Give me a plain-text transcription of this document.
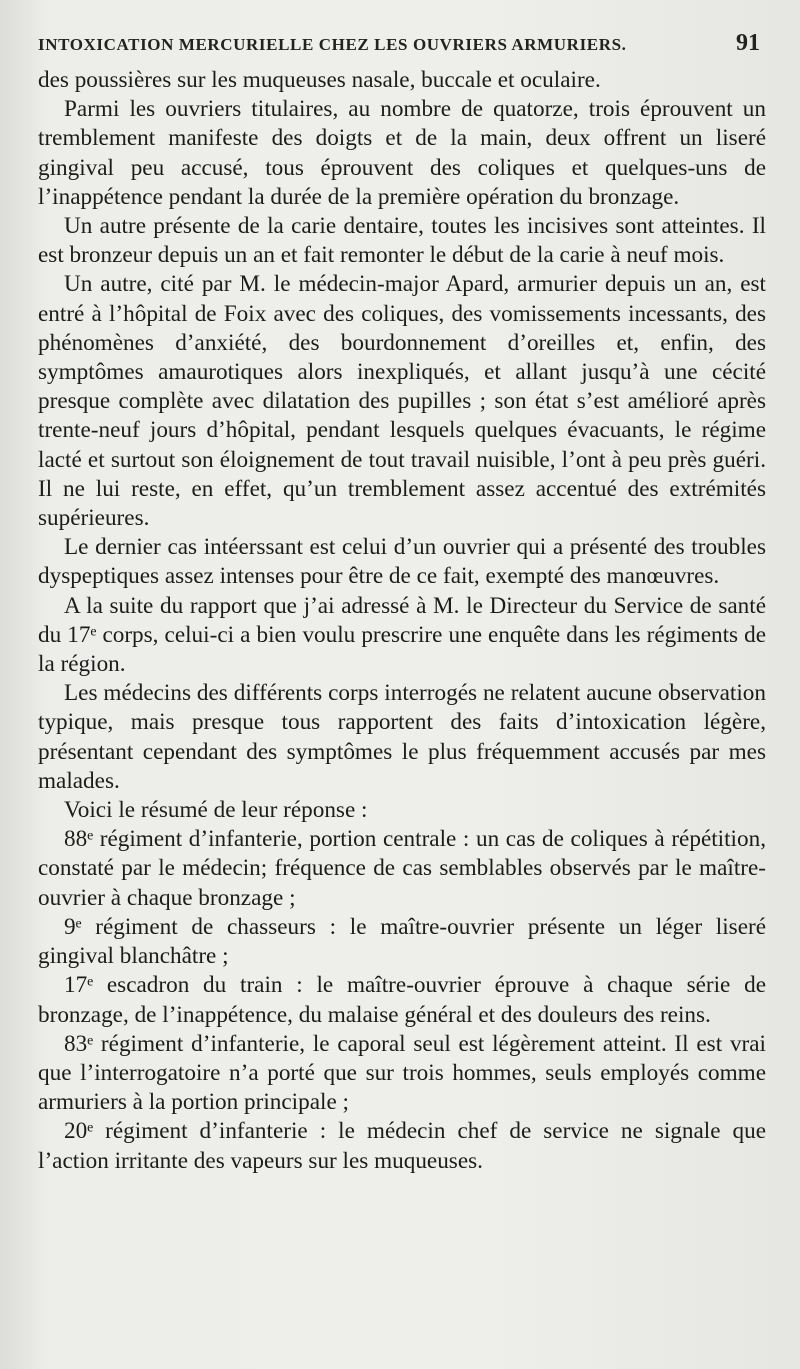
INTOXICATION MERCURIELLE CHEZ LES OUVRIERS ARMURIERS.	91

des poussières sur les muqueuses nasale, buccale et oculaire.

Parmi les ouvriers titulaires, au nombre de quatorze, trois éprouvent un tremblement manifeste des doigts et de la main, deux offrent un liseré gingival peu accusé, tous éprouvent des coliques et quelques-uns de l’inappétence pendant la durée de la première opération du bronzage.

Un autre présente de la carie dentaire, toutes les incisives sont atteintes. Il est bronzeur depuis un an et fait remonter le début de la carie à neuf mois.

Un autre, cité par M. le médecin-major Apard, armurier depuis un an, est entré à l’hôpital de Foix avec des coliques, des vomissements incessants, des phénomènes d’anxiété, des bourdonnement d’oreilles et, enfin, des symptômes amaurotiques alors inexpliqués, et allant jusqu’à une cécité presque complète avec dilatation des pupilles ; son état s’est amélioré après trente-neuf jours d’hôpital, pendant lesquels quelques évacuants, le régime lacté et surtout son éloignement de tout travail nuisible, l’ont à peu près guéri. Il ne lui reste, en effet, qu’un tremblement assez accentué des extrémités supérieures.

Le dernier cas intéerssant est celui d’un ouvrier qui a présenté des troubles dyspeptiques assez intenses pour être de ce fait, exempté des manœuvres.

A la suite du rapport que j’ai adressé à M. le Directeur du Service de santé du 17ᵉ corps, celui-ci a bien voulu prescrire une enquête dans les régiments de la région.

Les médecins des différents corps interrogés ne relatent aucune observation typique, mais presque tous rapportent des faits d’intoxication légère, présentant cependant des symptômes le plus fréquemment accusés par mes malades.

Voici le résumé de leur réponse :

88ᵉ régiment d’infanterie, portion centrale : un cas de coliques à répétition, constaté par le médecin; fréquence de cas semblables observés par le maître-ouvrier à chaque bronzage ;

9ᵉ régiment de chasseurs : le maître-ouvrier présente un léger liseré gingival blanchâtre ;

17ᵉ escadron du train : le maître-ouvrier éprouve à chaque série de bronzage, de l’inappétence, du malaise général et des douleurs des reins.

83ᵉ régiment d’infanterie, le caporal seul est légèrement atteint. Il est vrai que l’interrogatoire n’a porté que sur trois hommes, seuls employés comme armuriers à la portion principale ;

20ᵉ régiment d’infanterie : le médecin chef de service ne signale que l’action irritante des vapeurs sur les muqueuses.
